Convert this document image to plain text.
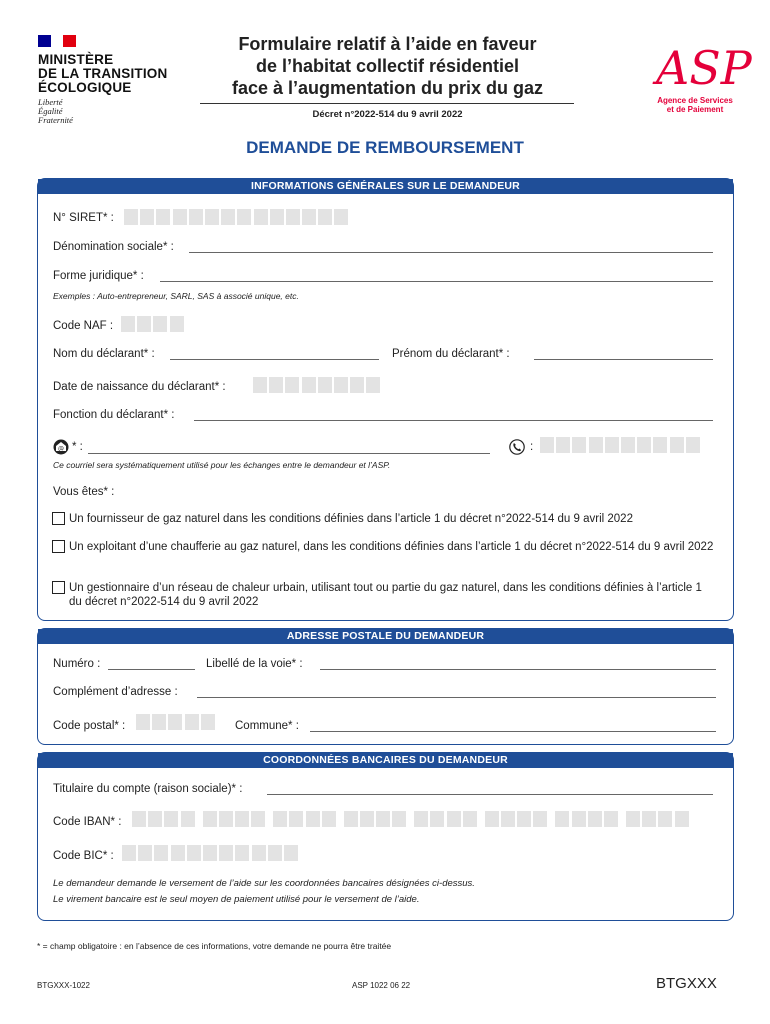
MINISTÈRE
DE LA TRANSITION
ÉCOLOGIQUE
Liberté
Égalité
Fraternité
Formulaire relatif à l’aide en faveur
de l’habitat collectif résidentiel
face à l’augmentation du prix du gaz
Décret n°2022-514 du 9 avril 2022
ASP
Agence de Services
et de Paiement
DEMANDE DE REMBOURSEMENT
INFORMATIONS GÉNÉRALES SUR LE DEMANDEUR
N° SIRET* :
Dénomination sociale* :
Forme juridique* :
Exemples : Auto-entrepreneur, SARL, SAS à associé unique, etc.
Code NAF :
Nom du déclarant* :	Prénom du déclarant* :
Date de naissance du déclarant* :
Fonction du déclarant* :
@ * :	:
Ce courriel sera systématiquement utilisé pour les échanges entre le demandeur et l’ASP.
Vous êtes* :
Un fournisseur de gaz naturel dans les conditions définies dans l’article 1 du décret n°2022-514 du 9 avril 2022
Un exploitant d’une chaufferie au gaz naturel, dans les conditions définies dans l’article 1 du décret n°2022-514 du 9 avril 2022
Un gestionnaire d’un réseau de chaleur urbain, utilisant tout ou partie du gaz naturel, dans les conditions définies à l’article 1 du décret n°2022-514 du 9 avril 2022
ADRESSE POSTALE DU DEMANDEUR
Numéro :	Libellé de la voie* :
Complément d’adresse :
Code postal* :	Commune* :
COORDONNÉES BANCAIRES DU DEMANDEUR
Titulaire du compte (raison sociale)* :
Code IBAN* :
Code BIC* :
Le demandeur demande le versement de l’aide sur les coordonnées bancaires désignées ci-dessus.
Le virement bancaire est le seul moyen de paiement utilisé pour le versement de l’aide.
* = champ obligatoire : en l’absence de ces informations, votre demande ne pourra être traitée
BTGXXX-1022	ASP 1022 06 22	BTGXXX
